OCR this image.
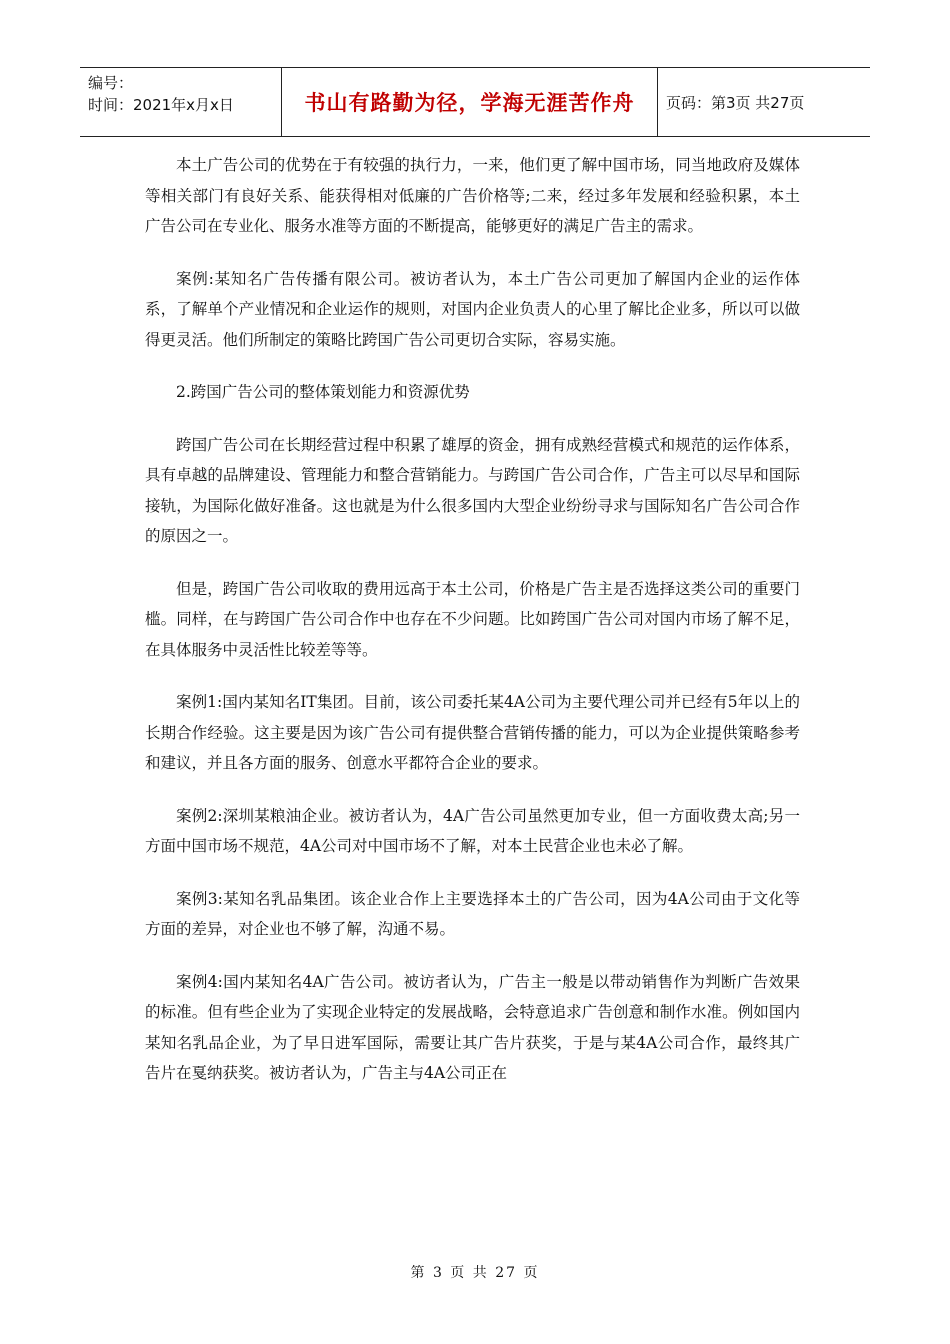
编号：
时间：2021年x月x日	书山有路勤为径，学海无涯苦作舟	页码：第3页 共27页

本土广告公司的优势在于有较强的执行力，一来，他们更了解中国市场，同当地政府及媒体等相关部门有良好关系、能获得相对低廉的广告价格等;二来，经过多年发展和经验积累，本土广告公司在专业化、服务水准等方面的不断提高，能够更好的满足广告主的需求。

案例:某知名广告传播有限公司。被访者认为，本土广告公司更加了解国内企业的运作体系，了解单个产业情况和企业运作的规则，对国内企业负责人的心里了解比企业多，所以可以做得更灵活。他们所制定的策略比跨国广告公司更切合实际，容易实施。

2.跨国广告公司的整体策划能力和资源优势

跨国广告公司在长期经营过程中积累了雄厚的资金，拥有成熟经营模式和规范的运作体系，具有卓越的品牌建设、管理能力和整合营销能力。与跨国广告公司合作，广告主可以尽早和国际接轨，为国际化做好准备。这也就是为什么很多国内大型企业纷纷寻求与国际知名广告公司合作的原因之一。

但是，跨国广告公司收取的费用远高于本土公司，价格是广告主是否选择这类公司的重要门槛。同样，在与跨国广告公司合作中也存在不少问题。比如跨国广告公司对国内市场了解不足，在具体服务中灵活性比较差等等。

案例1:国内某知名IT集团。目前，该公司委托某4A公司为主要代理公司并已经有5年以上的长期合作经验。这主要是因为该广告公司有提供整合营销传播的能力，可以为企业提供策略参考和建议，并且各方面的服务、创意水平都符合企业的要求。

案例2:深圳某粮油企业。被访者认为，4A广告公司虽然更加专业，但一方面收费太高;另一方面中国市场不规范，4A公司对中国市场不了解，对本土民营企业也未必了解。

案例3:某知名乳品集团。该企业合作上主要选择本土的广告公司，因为4A公司由于文化等方面的差异，对企业也不够了解，沟通不易。

案例4:国内某知名4A广告公司。被访者认为，广告主一般是以带动销售作为判断广告效果的标准。但有些企业为了实现企业特定的发展战略，会特意追求广告创意和制作水准。例如国内某知名乳品企业，为了早日进军国际，需要让其广告片获奖，于是与某4A公司合作，最终其广告片在戛纳获奖。被访者认为，广告主与4A公司正在

第 3 页 共 27 页
